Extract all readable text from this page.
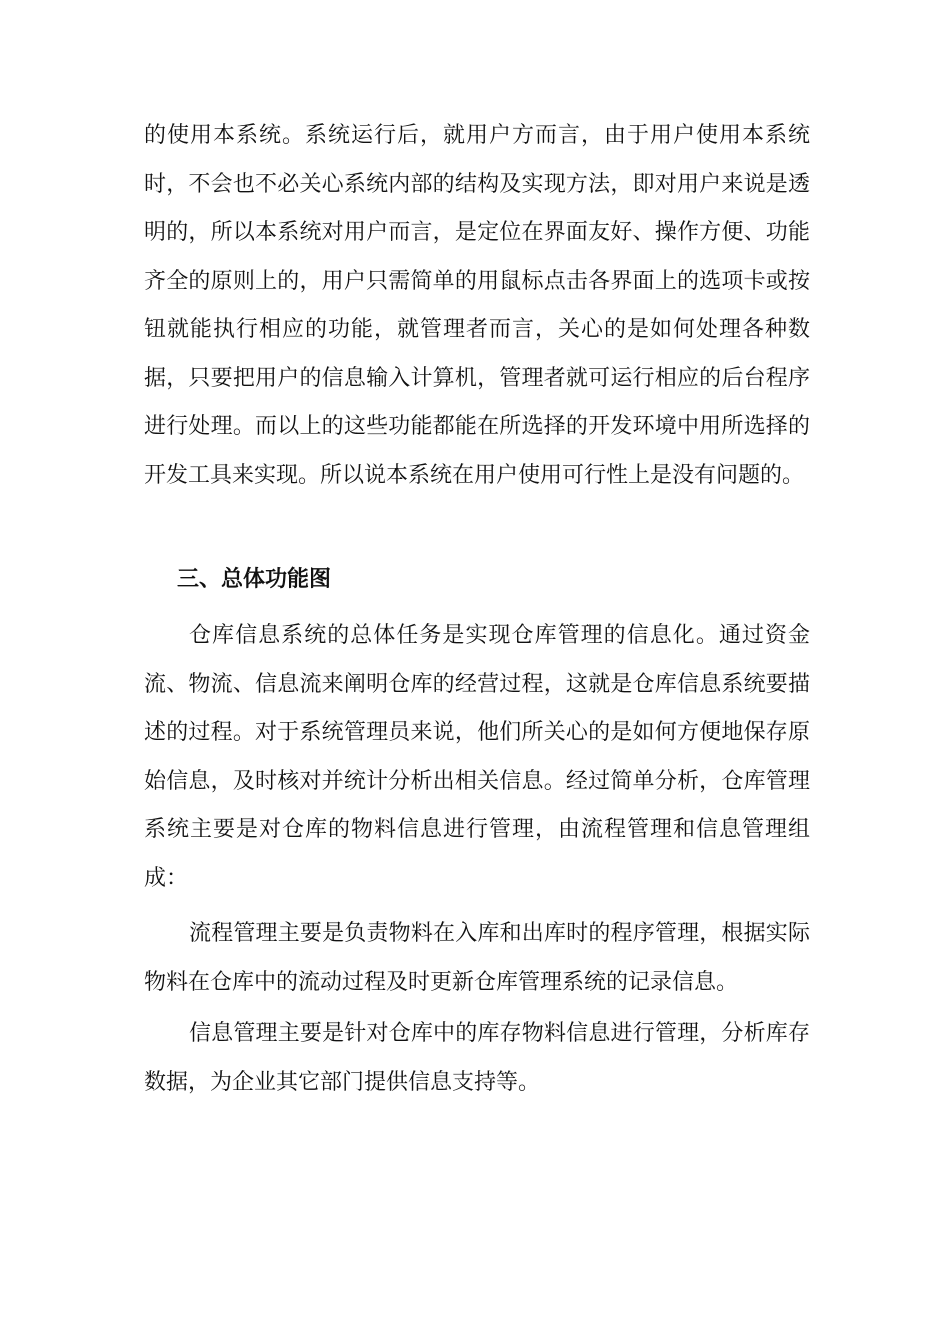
的使用本系统。系统运行后，就用户方而言，由于用户使用本系统时，不会也不必关心系统内部的结构及实现方法，即对用户来说是透明的，所以本系统对用户而言，是定位在界面友好、操作方便、功能齐全的原则上的，用户只需简单的用鼠标点击各界面上的选项卡或按钮就能执行相应的功能，就管理者而言，关心的是如何处理各种数据，只要把用户的信息输入计算机，管理者就可运行相应的后台程序进行处理。而以上的这些功能都能在所选择的开发环境中用所选择的开发工具来实现。所以说本系统在用户使用可行性上是没有问题的。

三、总体功能图

仓库信息系统的总体任务是实现仓库管理的信息化。通过资金流、物流、信息流来阐明仓库的经营过程，这就是仓库信息系统要描述的过程。对于系统管理员来说，他们所关心的是如何方便地保存原始信息，及时核对并统计分析出相关信息。经过简单分析，仓库管理系统主要是对仓库的物料信息进行管理，由流程管理和信息管理组成：

流程管理主要是负责物料在入库和出库时的程序管理，根据实际物料在仓库中的流动过程及时更新仓库管理系统的记录信息。

信息管理主要是针对仓库中的库存物料信息进行管理，分析库存数据，为企业其它部门提供信息支持等。
